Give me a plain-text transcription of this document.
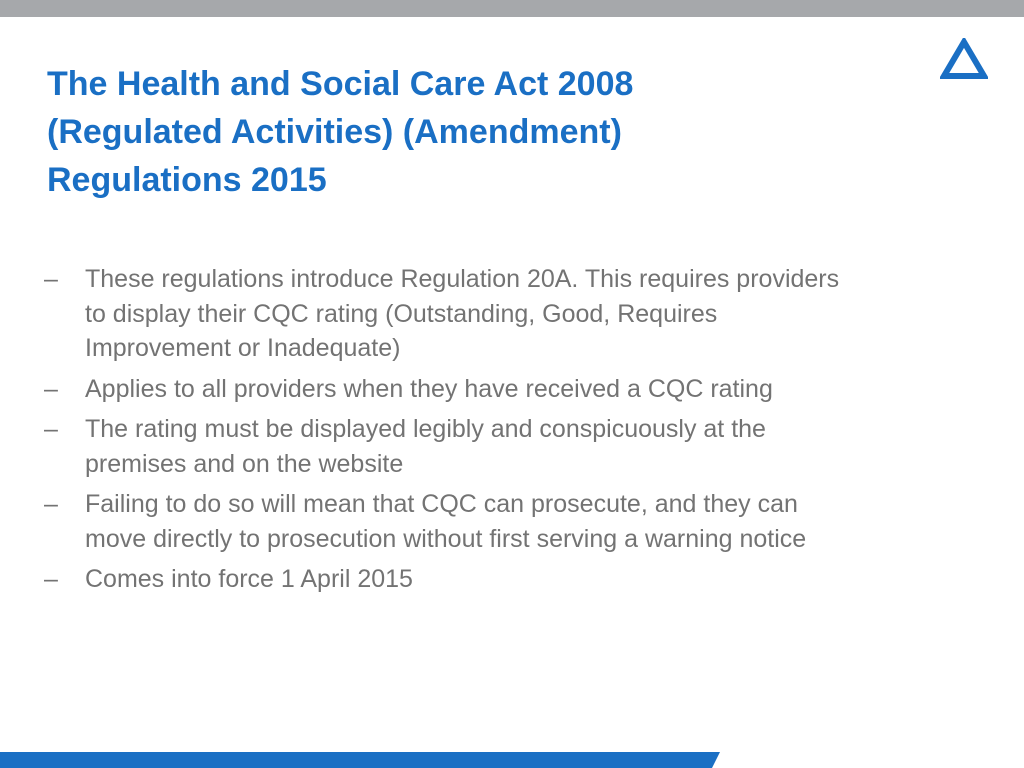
The Health and Social Care Act 2008
(Regulated Activities) (Amendment)
Regulations 2015
–	These regulations introduce Regulation 20A. This requires providers
to display their CQC rating (Outstanding, Good, Requires
Improvement or Inadequate)
–	Applies to all providers when they have received a CQC rating
–	The rating must be displayed legibly and conspicuously at the
premises and on the website
–	Failing to do so will mean that CQC can prosecute, and they can
move directly to prosecution without first serving a warning notice
–	Comes into force 1 April 2015
